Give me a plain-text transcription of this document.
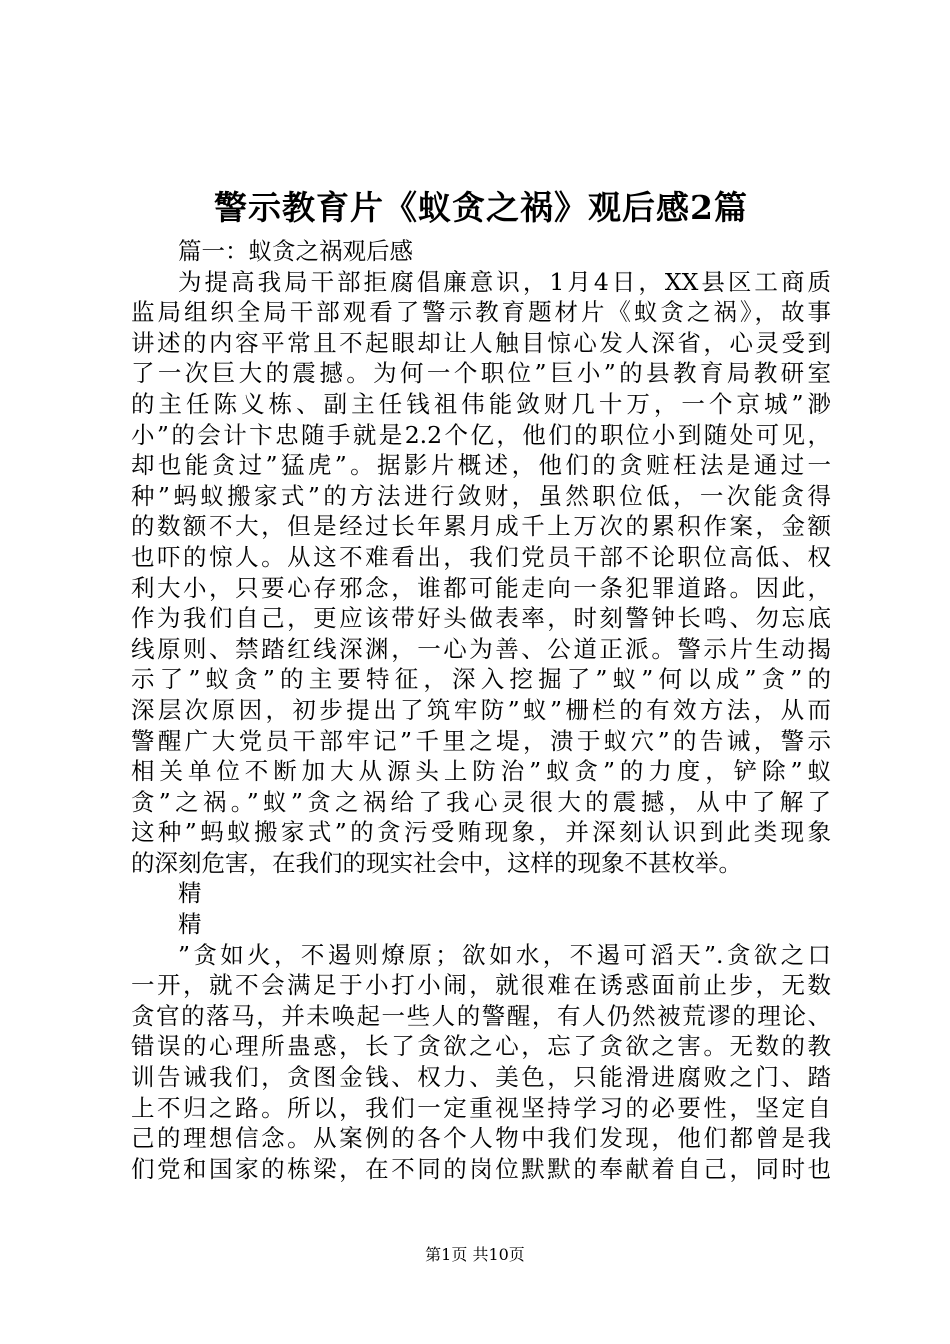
警示教育片《蚁贪之祸》观后感2篇
篇一：蚁贪之祸观后感
为提高我局干部拒腐倡廉意识，1月4日，XX县区工商质
监局组织全局干部观看了警示教育题材片《蚁贪之祸》，故事
讲述的内容平常且不起眼却让人触目惊心发人深省，心灵受到
了一次巨大的震撼。为何一个职位”巨小”的县教育局教研室
的主任陈义栋、副主任钱祖伟能敛财几十万，一个京城”渺
小”的会计卞忠随手就是2.2个亿，他们的职位小到随处可见，
却也能贪过”猛虎”。据影片概述，他们的贪赃枉法是通过一
种”蚂蚁搬家式”的方法进行敛财，虽然职位低，一次能贪得
的数额不大，但是经过长年累月成千上万次的累积作案，金额
也吓的惊人。从这不难看出，我们党员干部不论职位高低、权
利大小，只要心存邪念，谁都可能走向一条犯罪道路。因此，
作为我们自己，更应该带好头做表率，时刻警钟长鸣、勿忘底
线原则、禁踏红线深渊，一心为善、公道正派。警示片生动揭
示了”蚁贪”的主要特征，深入挖掘了”蚁”何以成”贪”的
深层次原因，初步提出了筑牢防”蚁”栅栏的有效方法，从而
警醒广大党员干部牢记”千里之堤，溃于蚁穴”的告诫，警示
相关单位不断加大从源头上防治”蚁贪”的力度，铲除”蚁
贪”之祸。”蚁”贪之祸给了我心灵很大的震撼，从中了解了
这种”蚂蚁搬家式”的贪污受贿现象，并深刻认识到此类现象
的深刻危害，在我们的现实社会中，这样的现象不甚枚举。
精
精
”贪如火，不遏则燎原；欲如水，不遏可滔天”.贪欲之口
一开，就不会满足于小打小闹，就很难在诱惑面前止步，无数
贪官的落马，并未唤起一些人的警醒，有人仍然被荒谬的理论、
错误的心理所蛊惑，长了贪欲之心，忘了贪欲之害。无数的教
训告诫我们，贪图金钱、权力、美色，只能滑进腐败之门、踏
上不归之路。所以，我们一定重视坚持学习的必要性，坚定自
己的理想信念。从案例的各个人物中我们发现，他们都曾是我
们党和国家的栋梁，在不同的岗位默默的奉献着自己，同时也
第1页 共10页
